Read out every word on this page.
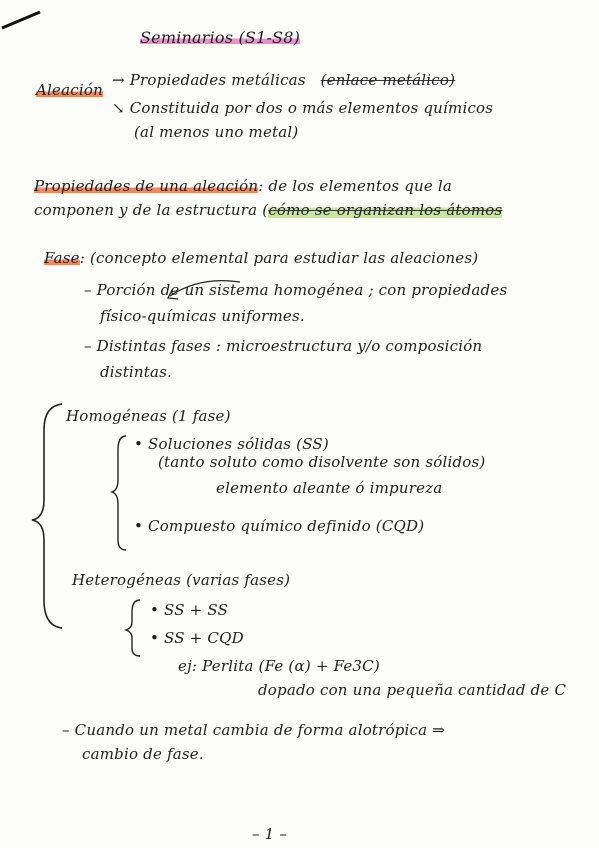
Seminarios (S1-S8)
Aleación
→ Propiedades metálicas (enlace metálico)
↘ Constituida por dos o más elementos químicos
(al menos uno metal)
Propiedades de una aleación: de los elementos que la
componen y de la estructura (cómo se organizan los átomos
Fase: (concepto elemental para estudiar las aleaciones)
– Porción de un sistema homogénea ; con propiedades
físico-químicas uniformes.
– Distintas fases : microestructura y/o composición
distintas.
Homogéneas (1 fase)
• Soluciones sólidas (SS)
(tanto soluto como disolvente son sólidos)
elemento aleante ó impureza
• Compuesto químico definido (CQD)
Heterogéneas (varias fases)
• SS + SS
• SS + CQD
ej: Perlita (Fe (α) + Fe3C)
dopado con una pequeña cantidad de C
– Cuando un metal cambia de forma alotrópica ⇒
cambio de fase.
– 1 –
